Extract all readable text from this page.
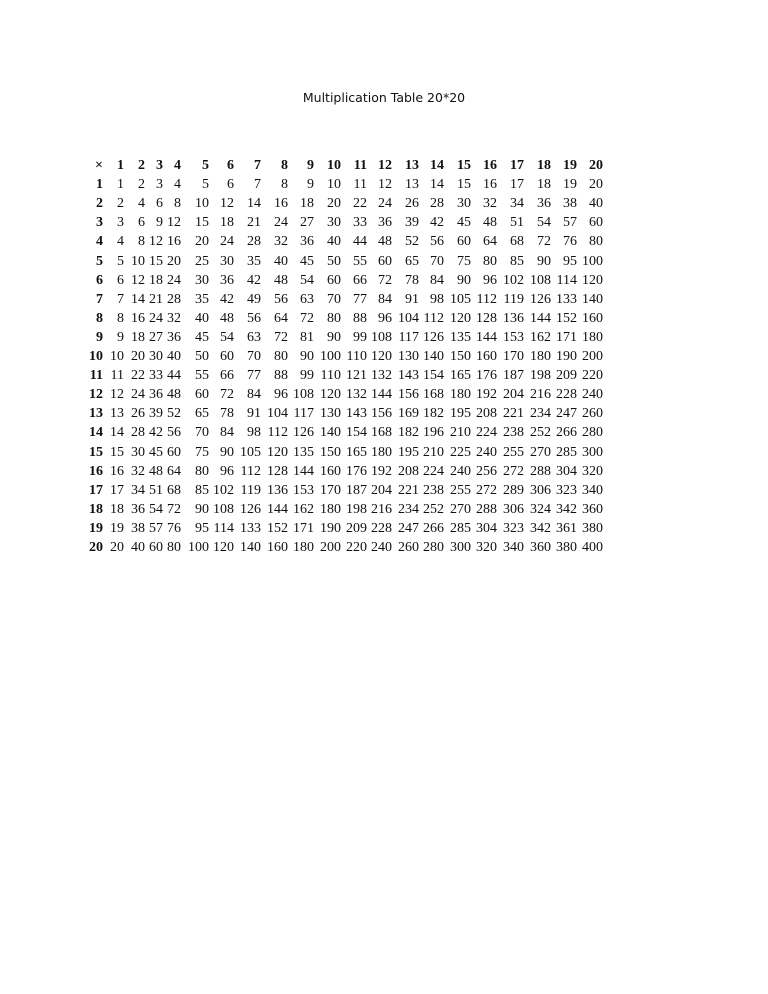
Multiplication Table 20*20
× 1 2 3 4 5 6 7 8 9 10 11 12 13 14 15 16 17 18 19 20
1 1 2 3 4 5 6 7 8 9 10 11 12 13 14 15 16 17 18 19 20
2 2 4 6 8 10 12 14 16 18 20 22 24 26 28 30 32 34 36 38 40
3 3 6 9 12 15 18 21 24 27 30 33 36 39 42 45 48 51 54 57 60
4 4 8 12 16 20 24 28 32 36 40 44 48 52 56 60 64 68 72 76 80
5 5 10 15 20 25 30 35 40 45 50 55 60 65 70 75 80 85 90 95 100
6 6 12 18 24 30 36 42 48 54 60 66 72 78 84 90 96 102 108 114 120
7 7 14 21 28 35 42 49 56 63 70 77 84 91 98 105 112 119 126 133 140
8 8 16 24 32 40 48 56 64 72 80 88 96 104 112 120 128 136 144 152 160
9 9 18 27 36 45 54 63 72 81 90 99 108 117 126 135 144 153 162 171 180
10 10 20 30 40 50 60 70 80 90 100 110 120 130 140 150 160 170 180 190 200
11 11 22 33 44 55 66 77 88 99 110 121 132 143 154 165 176 187 198 209 220
12 12 24 36 48 60 72 84 96 108 120 132 144 156 168 180 192 204 216 228 240
13 13 26 39 52 65 78 91 104 117 130 143 156 169 182 195 208 221 234 247 260
14 14 28 42 56 70 84 98 112 126 140 154 168 182 196 210 224 238 252 266 280
15 15 30 45 60 75 90 105 120 135 150 165 180 195 210 225 240 255 270 285 300
16 16 32 48 64 80 96 112 128 144 160 176 192 208 224 240 256 272 288 304 320
17 17 34 51 68 85 102 119 136 153 170 187 204 221 238 255 272 289 306 323 340
18 18 36 54 72 90 108 126 144 162 180 198 216 234 252 270 288 306 324 342 360
19 19 38 57 76 95 114 133 152 171 190 209 228 247 266 285 304 323 342 361 380
20 20 40 60 80 100 120 140 160 180 200 220 240 260 280 300 320 340 360 380 400
